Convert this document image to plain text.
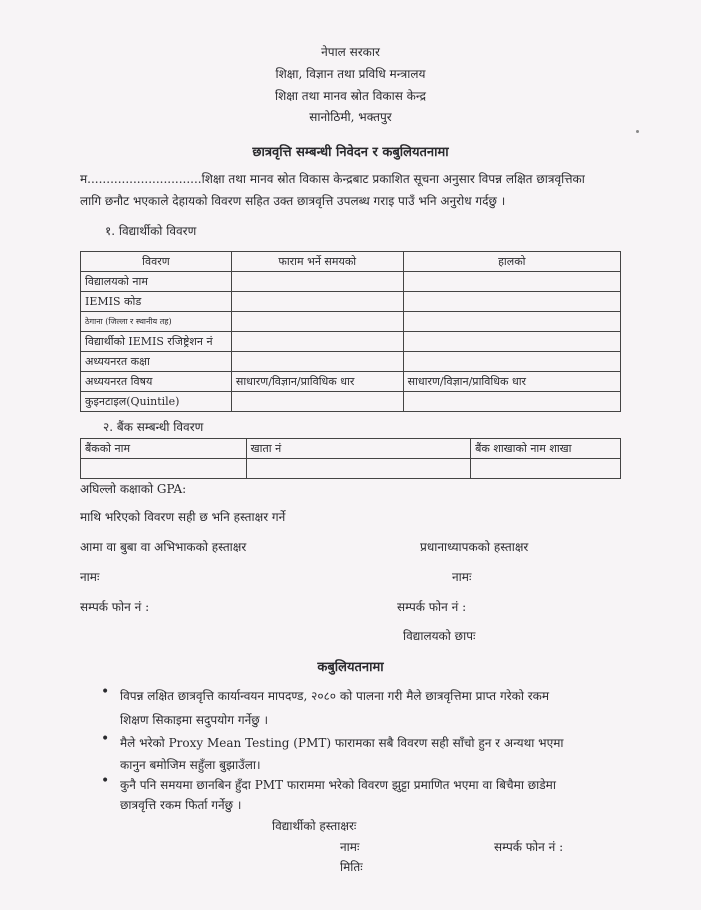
नेपाल सरकार
शिक्षा, विज्ञान तथा प्रविधि मन्त्रालय
शिक्षा तथा मानव स्रोत विकास केन्द्र
सानोठिमी, भक्तपुर
छात्रवृत्ति सम्बन्धी निवेदन र कबुलियतनामा
म..............................शिक्षा तथा मानव स्रोत विकास केन्द्रबाट प्रकाशित सूचना अनुसार विपन्न लक्षित छात्रवृत्तिका
लागि छनौट भएकाले देहायको विवरण सहित उक्त छात्रवृत्ति उपलब्ध गराइ पाउँ भनि अनुरोध गर्दछु ।
१. विद्यार्थीको विवरण
विवरण	फाराम भर्ने समयको	हालको
विद्यालयको नाम		
IEMIS कोड		
ठेगाना (जिल्ला र स्थानीय तह)		
विद्यार्थीको IEMIS रजिष्ट्रेशन नं		
अध्ययनरत कक्षा		
अध्ययनरत विषय	साधारण/विज्ञान/प्राविधिक धार	साधारण/विज्ञान/प्राविधिक धार
कुइनटाइल(Quintile)		
२. बैंक सम्बन्धी विवरण
बैंकको नाम	खाता नं	बैंक शाखाको नाम शाखा

अघिल्लो कक्षाको GPA:
माथि भरिएको विवरण सही छ भनि हस्ताक्षर गर्ने
आमा वा बुबा वा अभिभाकको हस्ताक्षर	प्रधानाध्यापकको हस्ताक्षर
नामः	नामः
सम्पर्क फोन नं :	सम्पर्क फोन नं :
विद्यालयको छापः
कबुलियतनामा
• विपन्न लक्षित छात्रवृत्ति कार्यान्वयन मापदण्ड, २०८० को पालना गरी मैले छात्रवृत्तिमा प्राप्त गरेको रकम
शिक्षण सिकाइमा सदुपयोग गर्नेछु ।
• मैले भरेको Proxy Mean Testing (PMT) फारामका सबै विवरण सही साँचो हुन र अन्यथा भएमा
कानुन बमोजिम सहुँला बुझाउँला।
• कुनै पनि समयमा छानबिन हुँदा PMT फाराममा भरेको विवरण झुट्टा प्रमाणित भएमा वा बिचैमा छाडेमा
छात्रवृत्ति रकम फिर्ता गर्नेछु ।
विद्यार्थीको हस्ताक्षरः
नामः	सम्पर्क फोन नं :
मितिः
